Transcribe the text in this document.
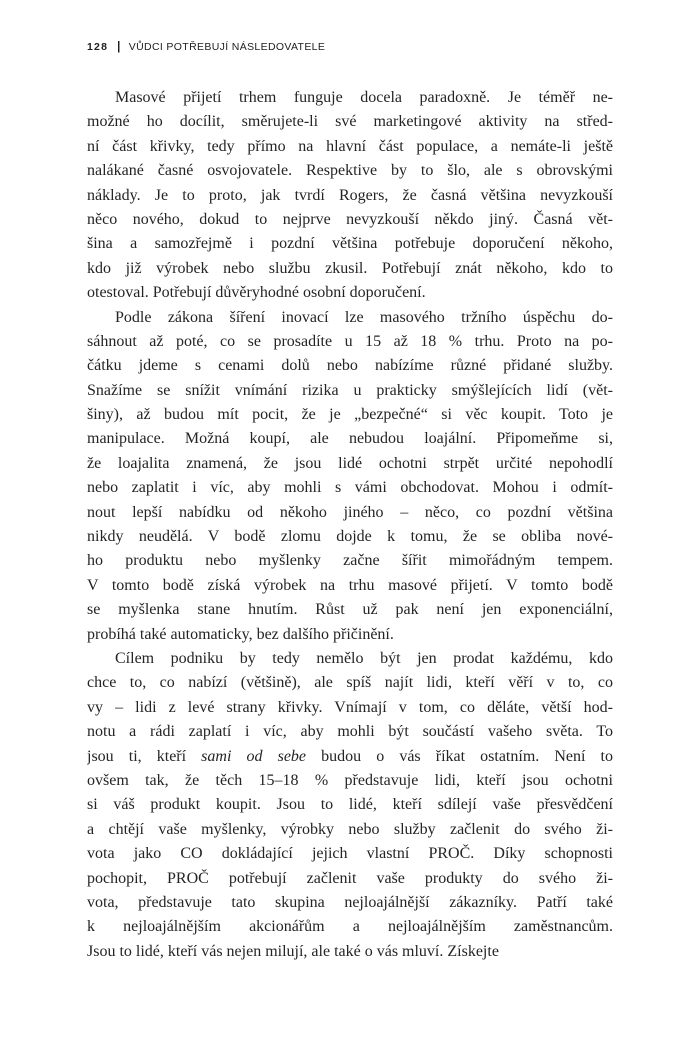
128 | VŮDCI POTŘEBUJÍ NÁSLEDOVATELE
Masové přijetí trhem funguje docela paradoxně. Je téměř ne-
možné ho docílit, směrujete-li své marketingové aktivity na střed-
ní část křivky, tedy přímo na hlavní část populace, a nemáte-li ještě
nalákané časné osvojovatele. Respektive by to šlo, ale s obrovskými
náklady. Je to proto, jak tvrdí Rogers, že časná většina nevyzkouší
něco nového, dokud to nejprve nevyzkouší někdo jiný. Časná vět-
šina a samozřejmě i pozdní většina potřebuje doporučení někoho,
kdo již výrobek nebo službu zkusil. Potřebují znát někoho, kdo to
otestoval. Potřebují důvěryhodné osobní doporučení.
Podle zákona šíření inovací lze masového tržního úspěchu do-
sáhnout až poté, co se prosadíte u 15 až 18 % trhu. Proto na po-
čátku jdeme s cenami dolů nebo nabízíme různé přidané služby.
Snažíme se snížit vnímání rizika u prakticky smýšlejících lidí (vět-
šiny), až budou mít pocit, že je „bezpečné“ si věc koupit. Toto je
manipulace. Možná koupí, ale nebudou loajální. Připomeňme si,
že loajalita znamená, že jsou lidé ochotni strpět určité nepohodlí
nebo zaplatit i víc, aby mohli s vámi obchodovat. Mohou i odmít-
nout lepší nabídku od někoho jiného – něco, co pozdní většina
nikdy neudělá. V bodě zlomu dojde k tomu, že se obliba nové-
ho produktu nebo myšlenky začne šířit mimořádným tempem.
V tomto bodě získá výrobek na trhu masové přijetí. V tomto bodě
se myšlenka stane hnutím. Růst už pak není jen exponenciální,
probíhá také automaticky, bez dalšího přičinění.
Cílem podniku by tedy nemělo být jen prodat každému, kdo
chce to, co nabízí (většině), ale spíš najít lidi, kteří věří v to, co
vy – lidi z levé strany křivky. Vnímají v tom, co děláte, větší hod-
notu a rádi zaplatí i víc, aby mohli být součástí vašeho světa. To
jsou ti, kteří sami od sebe budou o vás říkat ostatním. Není to
ovšem tak, že těch 15–18 % představuje lidi, kteří jsou ochotni
si váš produkt koupit. Jsou to lidé, kteří sdílejí vaše přesvědčení
a chtějí vaše myšlenky, výrobky nebo služby začlenit do svého ži-
vota jako CO dokládající jejich vlastní PROČ. Díky schopnosti
pochopit, PROČ potřebují začlenit vaše produkty do svého ži-
vota, představuje tato skupina nejloajálnější zákazníky. Patří také
k nejloajálnějším akcionářům a nejloajálnějším zaměstnancům.
Jsou to lidé, kteří vás nejen milují, ale také o vás mluví. Získejte
